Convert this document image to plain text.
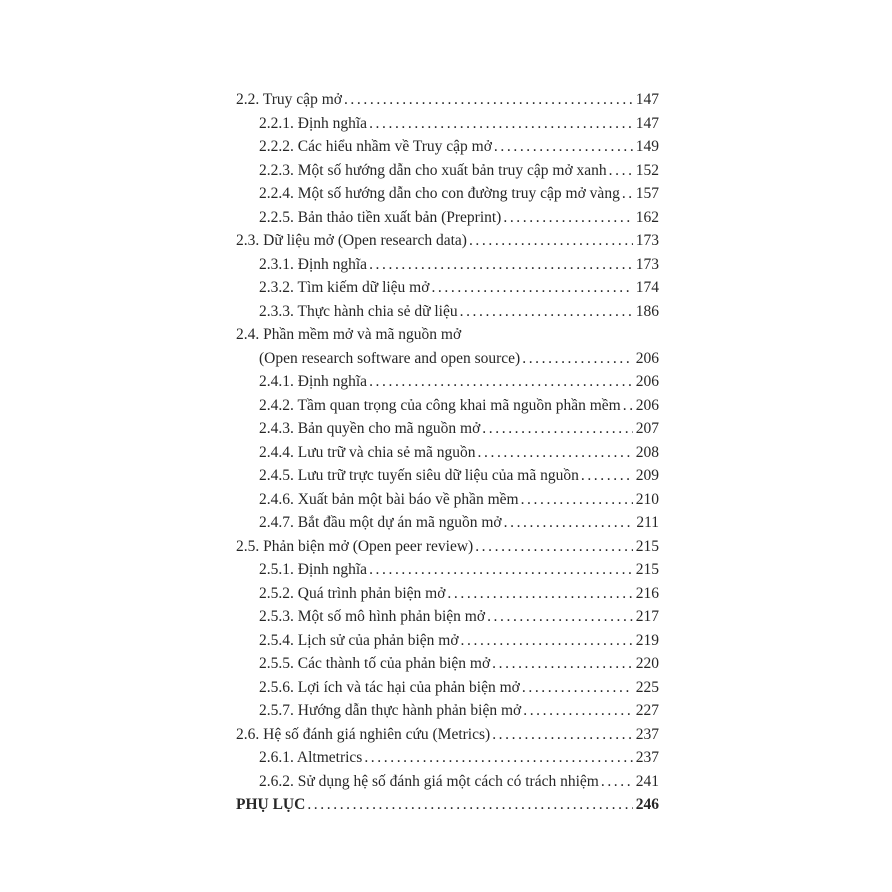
2.2. Truy cập mở .....	147
2.2.1. Định nghĩa .....	147
2.2.2. Các hiểu nhầm về Truy cập mở .....	149
2.2.3. Một số hướng dẫn cho xuất bản truy cập mở xanh ..... 152
2.2.4. Một số hướng dẫn cho con đường truy cập mở vàng ..... 157
2.2.5. Bản thảo tiền xuất bản (Preprint) .....	162
2.3. Dữ liệu mở (Open research data) .....	173
2.3.1. Định nghĩa .....	173
2.3.2. Tìm kiếm dữ liệu mở .....	174
2.3.3. Thực hành chia sẻ dữ liệu .....	186
2.4. Phần mềm mở và mã nguồn mở
(Open research software and open source) .....	206
2.4.1. Định nghĩa .....	206
2.4.2. Tầm quan trọng của công khai mã nguồn phần mềm ..... 206
2.4.3. Bản quyền cho mã nguồn mở .....	207
2.4.4. Lưu trữ và chia sẻ mã nguồn .....	208
2.4.5. Lưu trữ trực tuyến siêu dữ liệu của mã nguồn .....	209
2.4.6. Xuất bản một bài báo về phần mềm .....	210
2.4.7. Bắt đầu một dự án mã nguồn mở .....	211
2.5. Phản biện mở (Open peer review) .....	215
2.5.1. Định nghĩa .....	215
2.5.2. Quá trình phản biện mở .....	216
2.5.3. Một số mô hình phản biện mở .....	217
2.5.4. Lịch sử của phản biện mở .....	219
2.5.5. Các thành tố của phản biện mở .....	220
2.5.6. Lợi ích và tác hại của phản biện mở .....	225
2.5.7. Hướng dẫn thực hành phản biện mở .....	227
2.6. Hệ số đánh giá nghiên cứu (Metrics) .....	237
2.6.1. Altmetrics .....	237
2.6.2. Sử dụng hệ số đánh giá một cách có trách nhiệm ..... 241
PHỤ LỤC .....	246
